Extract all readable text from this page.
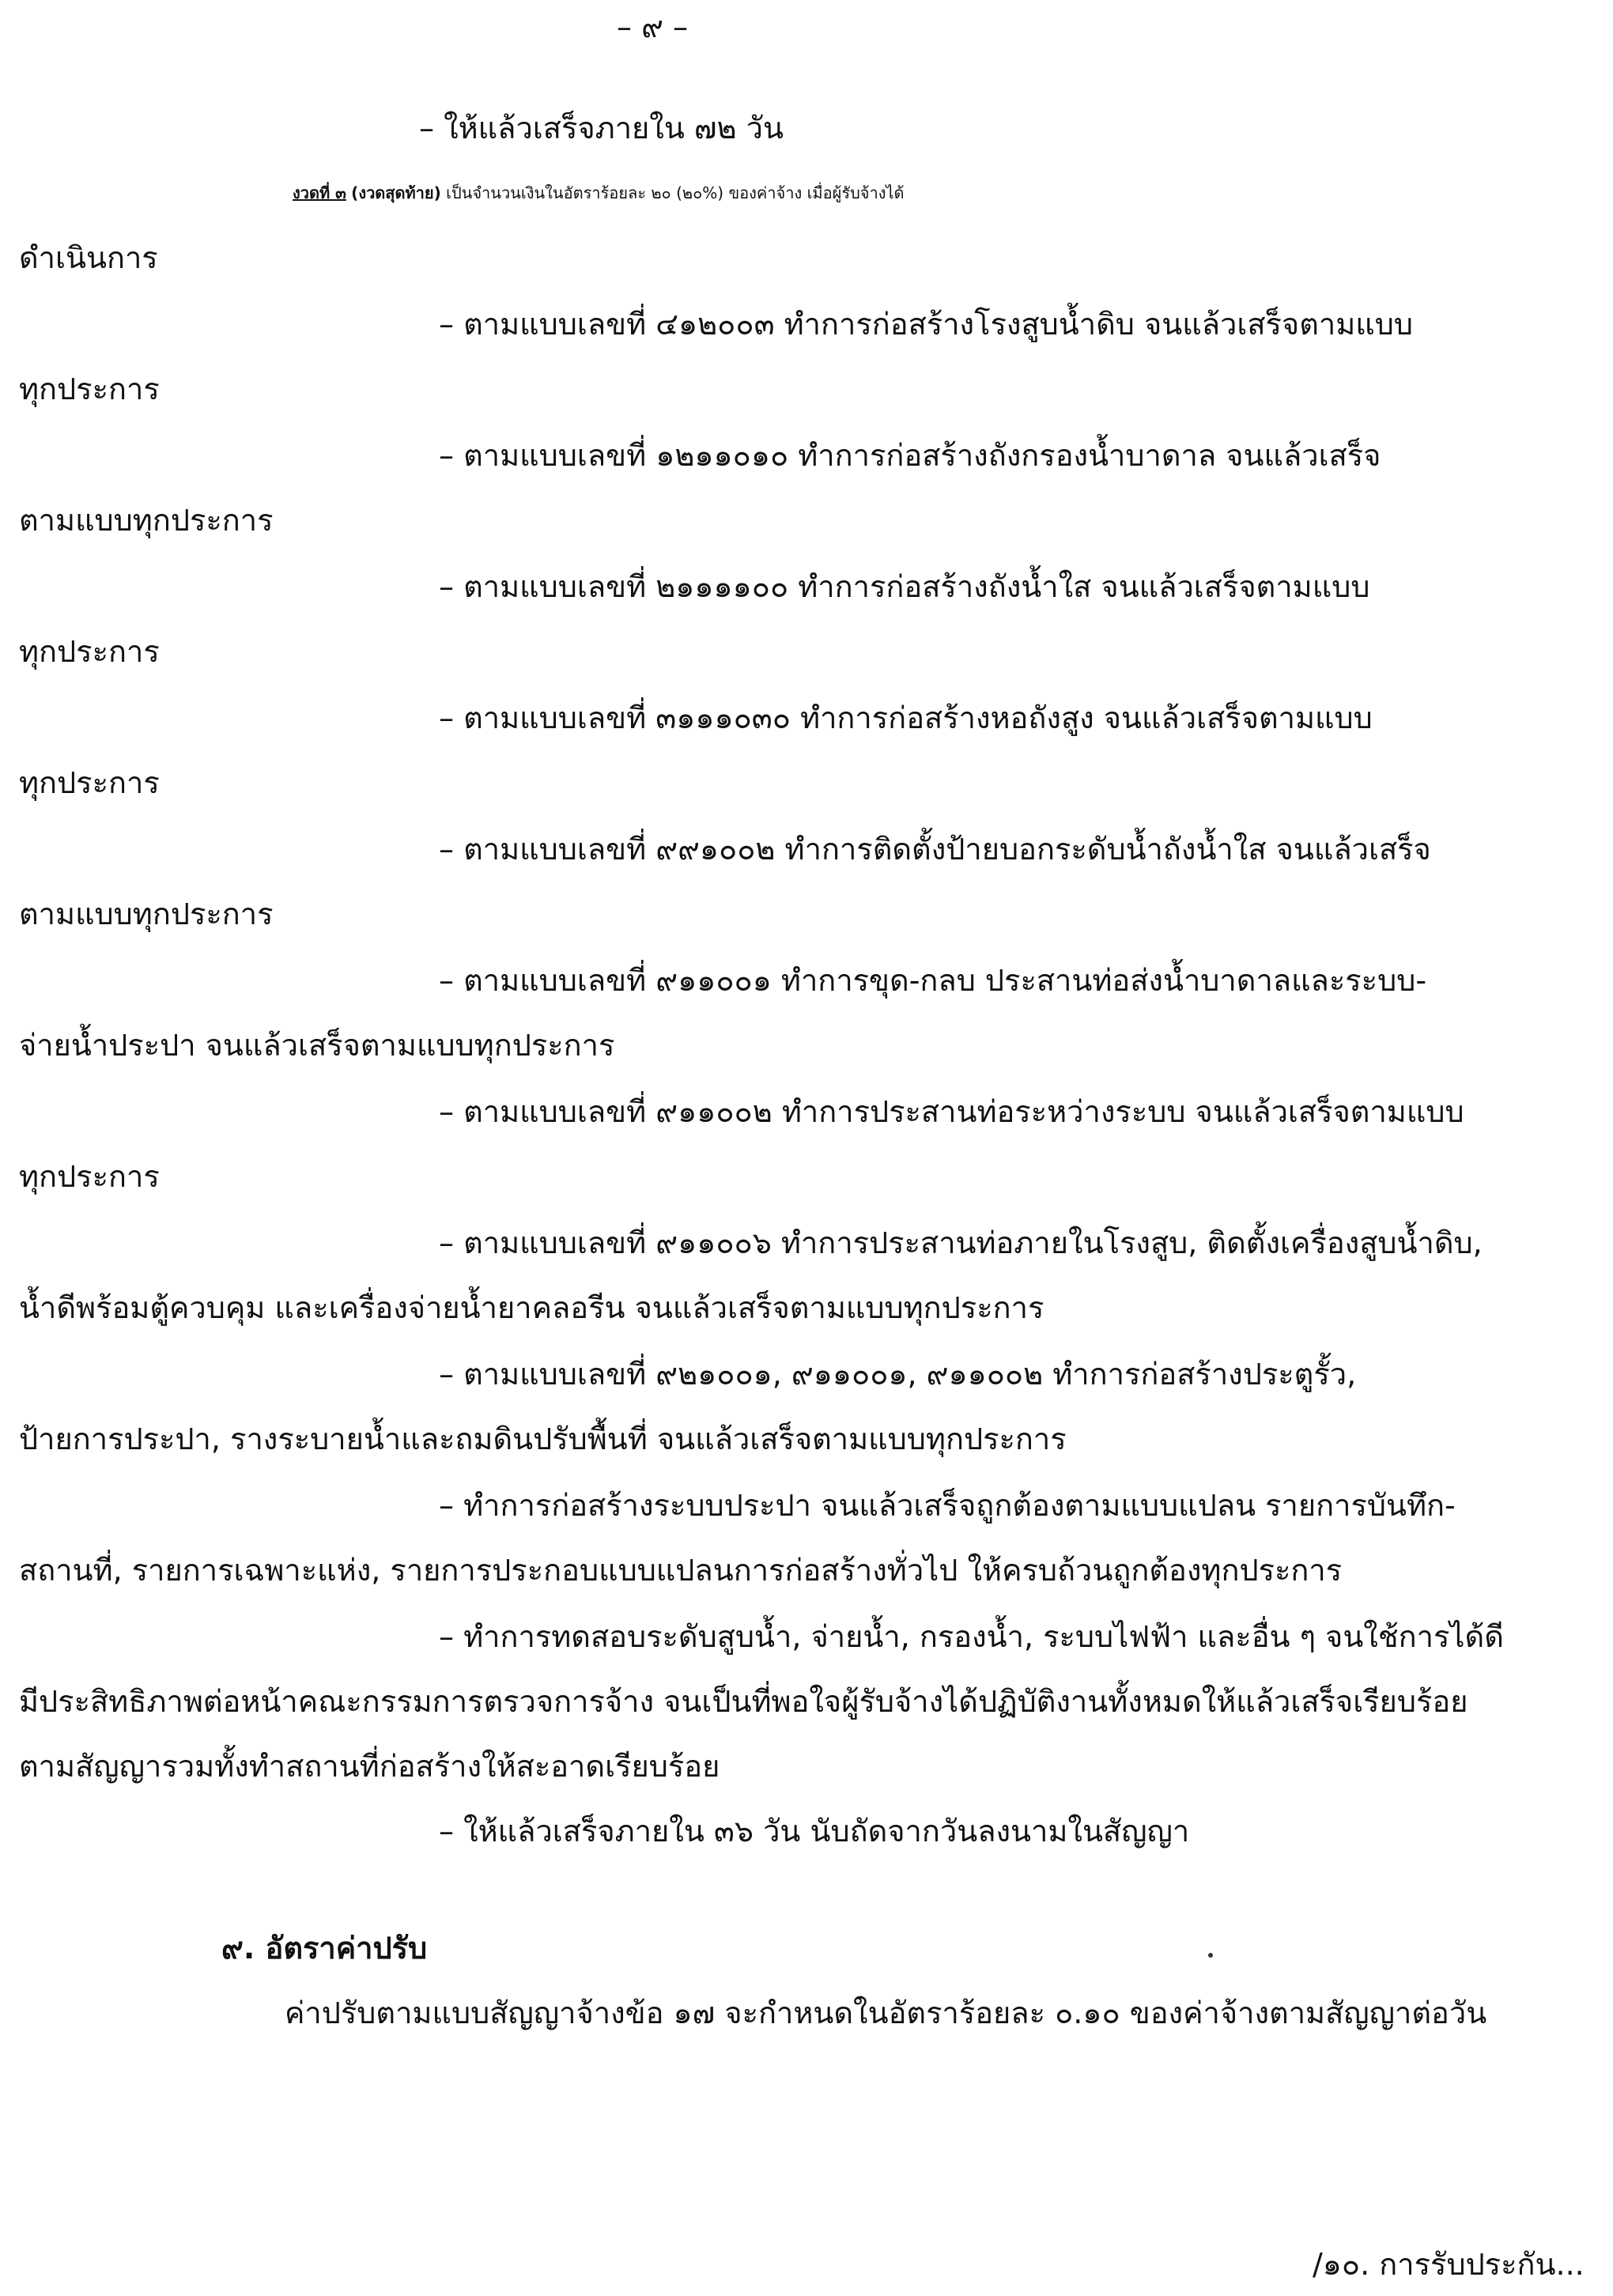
– ๙ –

– ให้แล้วเสร็จภายใน ๗๒ วัน

งวดที่ ๓ (งวดสุดท้าย) เป็นจำนวนเงินในอัตราร้อยละ ๒๐ (๒๐%) ของค่าจ้าง เมื่อผู้รับจ้างได้

ดำเนินการ

– ตามแบบเลขที่ ๔๑๒๐๐๓ ทำการก่อสร้างโรงสูบน้ำดิบ จนแล้วเสร็จตามแบบ

ทุกประการ

– ตามแบบเลขที่ ๑๒๑๑๐๑๐ ทำการก่อสร้างถังกรองน้ำบาดาล จนแล้วเสร็จ

ตามแบบทุกประการ

– ตามแบบเลขที่ ๒๑๑๑๑๐๐ ทำการก่อสร้างถังน้ำใส จนแล้วเสร็จตามแบบ

ทุกประการ

– ตามแบบเลขที่ ๓๑๑๑๐๓๐ ทำการก่อสร้างหอถังสูง จนแล้วเสร็จตามแบบ

ทุกประการ

– ตามแบบเลขที่ ๙๙๑๐๐๒ ทำการติดตั้งป้ายบอกระดับน้ำถังน้ำใส จนแล้วเสร็จ

ตามแบบทุกประการ

– ตามแบบเลขที่ ๙๑๑๐๐๑ ทำการขุด-กลบ ประสานท่อส่งน้ำบาดาลและระบบ-

จ่ายน้ำประปา จนแล้วเสร็จตามแบบทุกประการ

– ตามแบบเลขที่ ๙๑๑๐๐๒ ทำการประสานท่อระหว่างระบบ จนแล้วเสร็จตามแบบ

ทุกประการ

– ตามแบบเลขที่ ๙๑๑๐๐๖ ทำการประสานท่อภายในโรงสูบ, ติดตั้งเครื่องสูบน้ำดิบ,

น้ำดีพร้อมตู้ควบคุม และเครื่องจ่ายน้ำยาคลอรีน จนแล้วเสร็จตามแบบทุกประการ

– ตามแบบเลขที่ ๙๒๑๐๐๑, ๙๑๑๐๐๑, ๙๑๑๐๐๒ ทำการก่อสร้างประตูรั้ว,

ป้ายการประปา, รางระบายน้ำและถมดินปรับพื้นที่ จนแล้วเสร็จตามแบบทุกประการ

– ทำการก่อสร้างระบบประปา จนแล้วเสร็จถูกต้องตามแบบแปลน รายการบันทึก-

สถานที่, รายการเฉพาะแห่ง, รายการประกอบแบบแปลนการก่อสร้างทั่วไป ให้ครบถ้วนถูกต้องทุกประการ

– ทำการทดสอบระดับสูบน้ำ, จ่ายน้ำ, กรองน้ำ, ระบบไฟฟ้า และอื่น ๆ จนใช้การได้ดี

มีประสิทธิภาพต่อหน้าคณะกรรมการตรวจการจ้าง จนเป็นที่พอใจผู้รับจ้างได้ปฏิบัติงานทั้งหมดให้แล้วเสร็จเรียบร้อย

ตามสัญญารวมทั้งทำสถานที่ก่อสร้างให้สะอาดเรียบร้อย

– ให้แล้วเสร็จภายใน ๓๖ วัน นับถัดจากวันลงนามในสัญญา

๙. อัตราค่าปรับ

ค่าปรับตามแบบสัญญาจ้างข้อ ๑๗ จะกำหนดในอัตราร้อยละ ๐.๑๐ ของค่าจ้างตามสัญญาต่อวัน

/๑๐. การรับประกัน...
